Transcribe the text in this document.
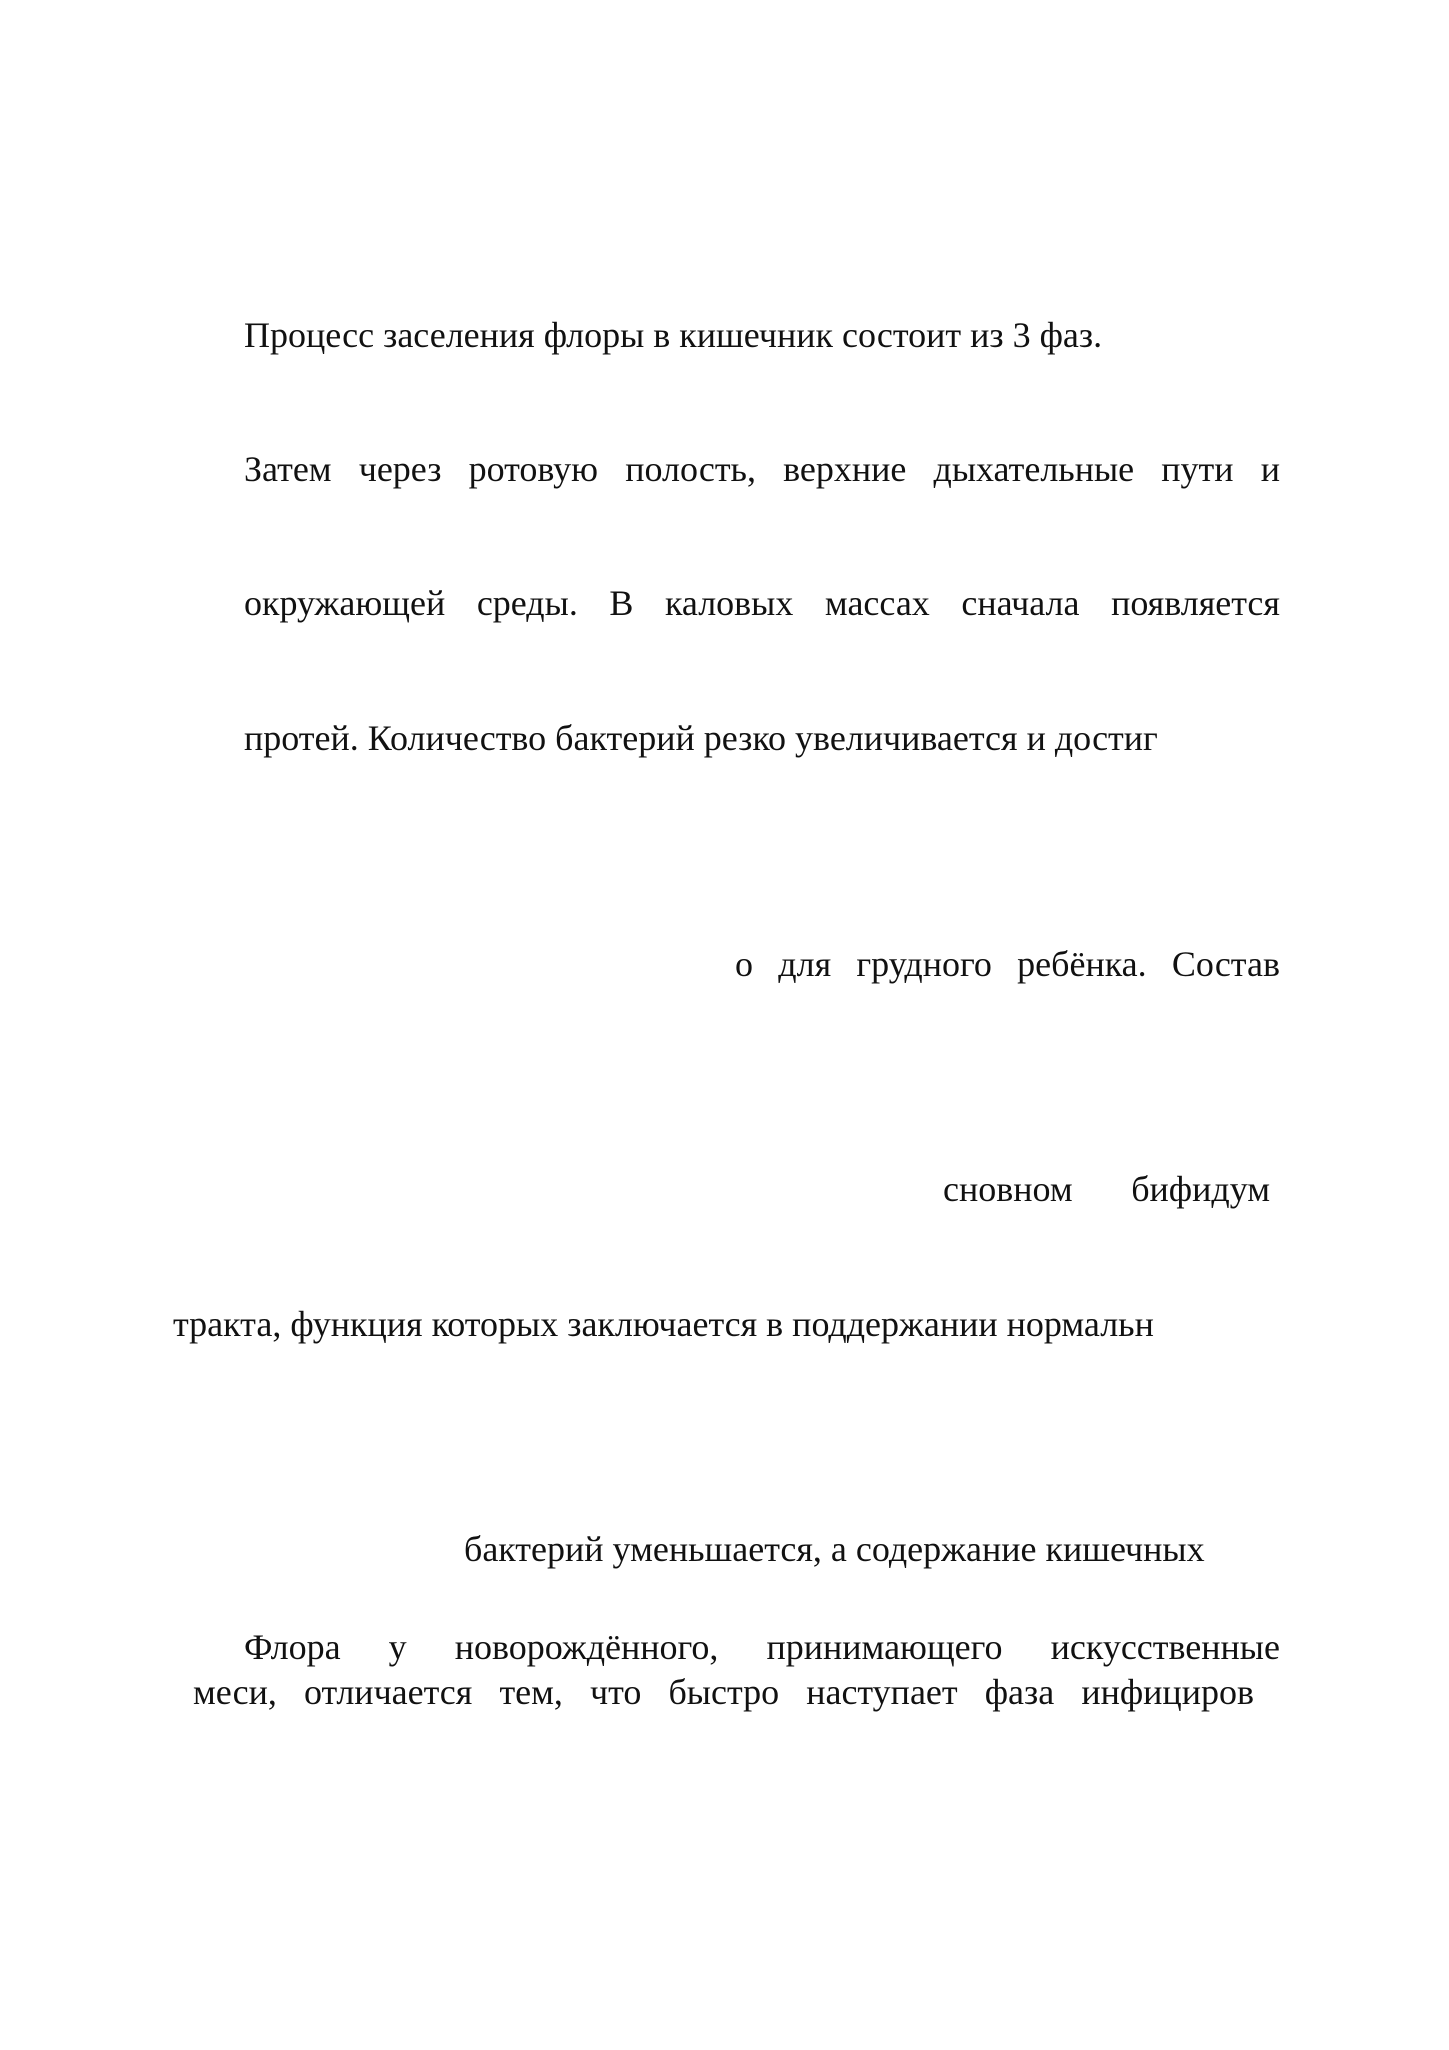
Процесс заселения флоры в кишечник состоит из 3 фаз.

Затем через ротовую полость, верхние дыхательные пути и

окружающей среды. В каловых массах сначала появляется

протей. Количество бактерий резко увеличивается и достиг

о для грудного ребёнка. Состав

сновном бифидум

тракта, функция которых заключается в поддержании нормальн

бактерий уменьшается, а содержание кишечных

Флора у новорождённого, принимающего искусственные

меси, отличается тем, что быстро наступает фаза инфициров
